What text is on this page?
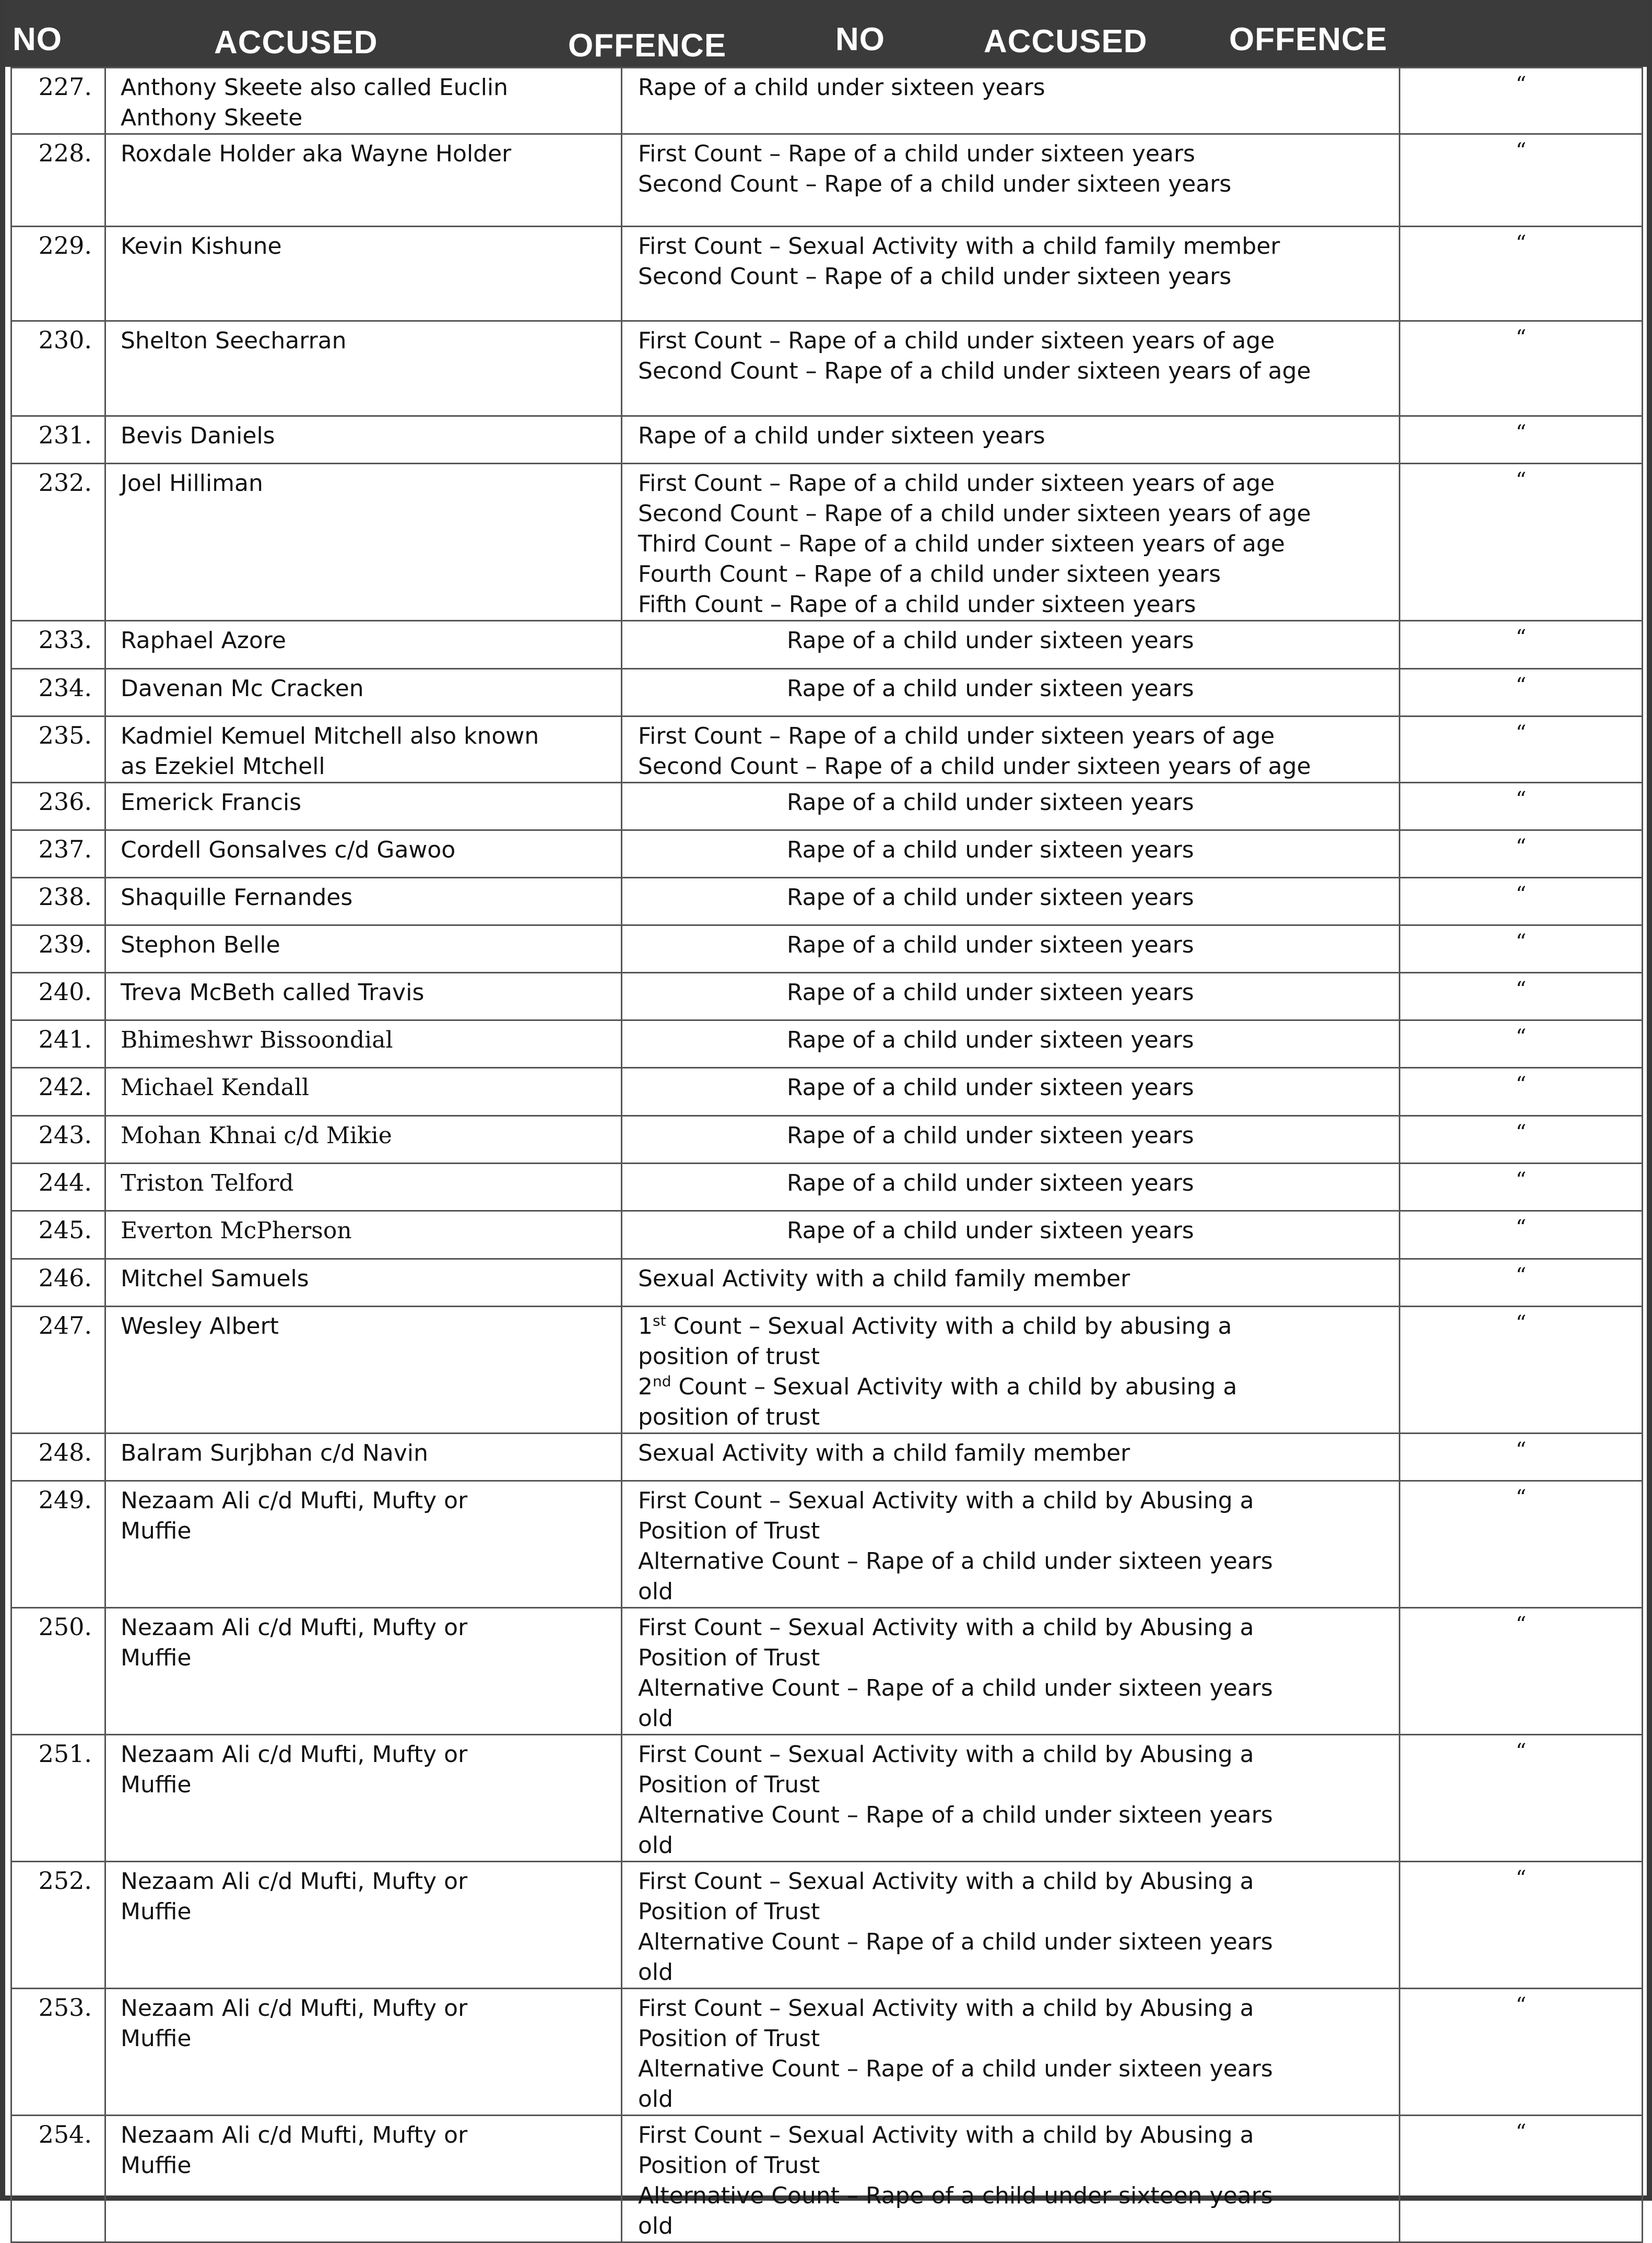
NO	ACCUSED	OFFENCE	NO	ACCUSED	OFFENCE
227.	Anthony Skeete also called Euclin
Anthony Skeete	Rape of a child under sixteen years	“
228.	Roxdale Holder aka Wayne Holder	First Count – Rape of a child under sixteen years
Second Count – Rape of a child under sixteen years	“
229.	Kevin Kishune	First Count – Sexual Activity with a child family member
Second Count – Rape of a child under sixteen years	“
230.	Shelton Seecharran	First Count – Rape of a child under sixteen years of age
Second Count – Rape of a child under sixteen years of age	“
231.	Bevis Daniels	Rape of a child under sixteen years	“
232.	Joel Hilliman	First Count – Rape of a child under sixteen years of age
Second Count – Rape of a child under sixteen years of age
Third Count – Rape of a child under sixteen years of age
Fourth Count – Rape of a child under sixteen years
Fifth Count – Rape of a child under sixteen years	“
233.	Raphael Azore	Rape of a child under sixteen years	“
234.	Davenan Mc Cracken	Rape of a child under sixteen years	“
235.	Kadmiel Kemuel Mitchell also known
as Ezekiel Mtchell	First Count – Rape of a child under sixteen years of age
Second Count – Rape of a child under sixteen years of age	“
236.	Emerick Francis	Rape of a child under sixteen years	“
237.	Cordell Gonsalves c/d Gawoo	Rape of a child under sixteen years	“
238.	Shaquille Fernandes	Rape of a child under sixteen years	“
239.	Stephon Belle	Rape of a child under sixteen years	“
240.	Treva McBeth called Travis	Rape of a child under sixteen years	“
241.	Bhimeshwr Bissoondial	Rape of a child under sixteen years	“
242.	Michael Kendall	Rape of a child under sixteen years	“
243.	Mohan Khnai c/d Mikie	Rape of a child under sixteen years	“
244.	Triston Telford	Rape of a child under sixteen years	“
245.	Everton McPherson	Rape of a child under sixteen years	“
246.	Mitchel Samuels	Sexual Activity with a child family member	“
247.	Wesley Albert	1st Count – Sexual Activity with a child by abusing a
position of trust
2nd Count – Sexual Activity with a child by abusing a
position of trust	“
248.	Balram Surjbhan c/d Navin	Sexual Activity with a child family member	“
249.	Nezaam Ali c/d Mufti, Mufty or
Muffie	First Count – Sexual Activity with a child by Abusing a
Position of Trust
Alternative Count – Rape of a child under sixteen years
old	“
250.	Nezaam Ali c/d Mufti, Mufty or
Muffie	First Count – Sexual Activity with a child by Abusing a
Position of Trust
Alternative Count – Rape of a child under sixteen years
old	“
251.	Nezaam Ali c/d Mufti, Mufty or
Muffie	First Count – Sexual Activity with a child by Abusing a
Position of Trust
Alternative Count – Rape of a child under sixteen years
old	“
252.	Nezaam Ali c/d Mufti, Mufty or
Muffie	First Count – Sexual Activity with a child by Abusing a
Position of Trust
Alternative Count – Rape of a child under sixteen years
old	“
253.	Nezaam Ali c/d Mufti, Mufty or
Muffie	First Count – Sexual Activity with a child by Abusing a
Position of Trust
Alternative Count – Rape of a child under sixteen years
old	“
254.	Nezaam Ali c/d Mufti, Mufty or
Muffie	First Count – Sexual Activity with a child by Abusing a
Position of Trust
Alternative Count – Rape of a child under sixteen years
old	“
